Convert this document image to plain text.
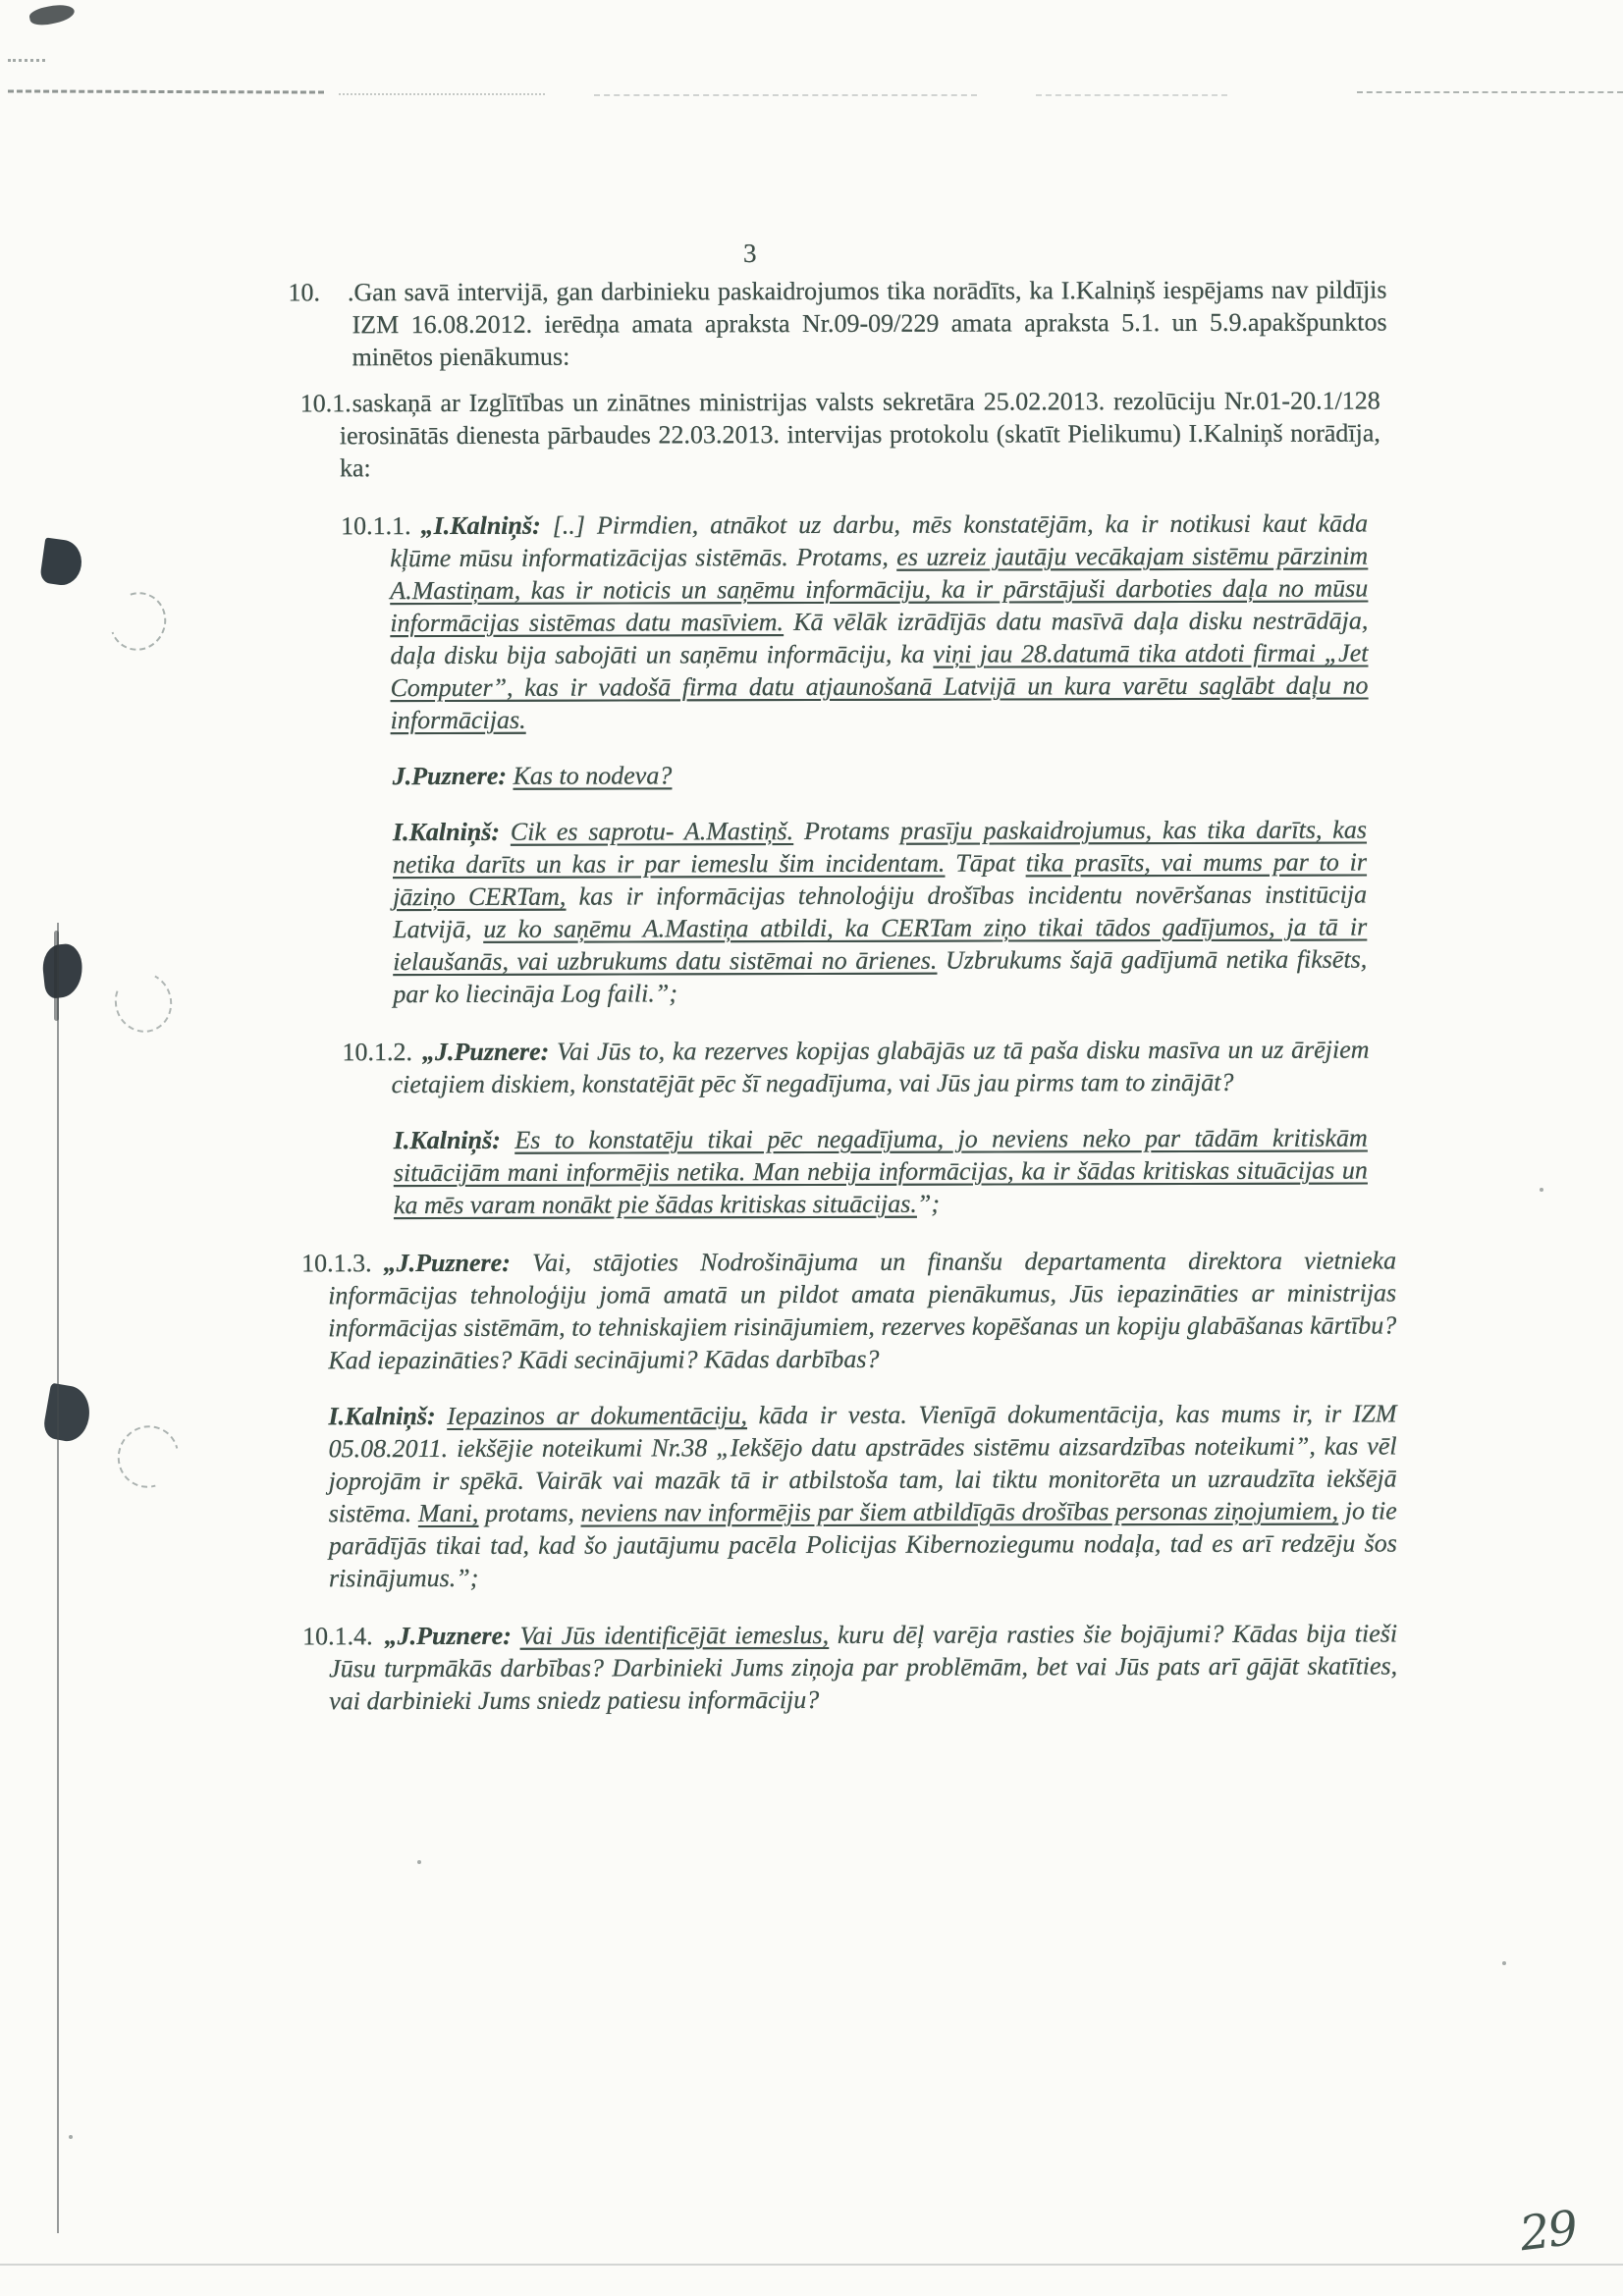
3
10. .Gan savā intervijā, gan darbinieku paskaidrojumos tika norādīts, ka I.Kalniņš iespējams nav pildījis IZM 16.08.2012. ierēdņa amata apraksta Nr.09-09/229 amata apraksta 5.1. un 5.9.apakšpunktos minētos pienākumus:
10.1.saskaņā ar Izglītības un zinātnes ministrijas valsts sekretāra 25.02.2013. rezolūciju Nr.01-20.1/128 ierosinātās dienesta pārbaudes 22.03.2013. intervijas protokolu (skatīt Pielikumu) I.Kalniņš norādīja, ka:
10.1.1. „I.Kalniņš: [..] Pirmdien, atnākot uz darbu, mēs konstatējām, ka ir notikusi kaut kāda kļūme mūsu informatizācijas sistēmās. Protams, es uzreiz jautāju vecākajam sistēmu pārzinim A.Mastiņam, kas ir noticis un saņēmu informāciju, ka ir pārstājuši darboties daļa no mūsu informācijas sistēmas datu masīviem. Kā vēlāk izrādījās datu masīvā daļa disku nestrādāja, daļa disku bija sabojāti un saņēmu informāciju, ka viņi jau 28.datumā tika atdoti firmai „Jet Computer”, kas ir vadošā firma datu atjaunošanā Latvijā un kura varētu saglābt daļu no informācijas.
J.Puznere: Kas to nodeva?
I.Kalniņš: Cik es saprotu- A.Mastiņš. Protams prasīju paskaidrojumus, kas tika darīts, kas netika darīts un kas ir par iemeslu šim incidentam. Tāpat tika prasīts, vai mums par to ir jāziņo CERTam, kas ir informācijas tehnoloģiju drošības incidentu novēršanas institūcija Latvijā, uz ko saņēmu A.Mastiņa atbildi, ka CERTam ziņo tikai tādos gadījumos, ja tā ir ielaušanās, vai uzbrukums datu sistēmai no ārienes. Uzbrukums šajā gadījumā netika fiksēts, par ko liecināja Log faili.”;
10.1.2. „J.Puznere: Vai Jūs to, ka rezerves kopijas glabājās uz tā paša disku masīva un uz ārējiem cietajiem diskiem, konstatējāt pēc šī negadījuma, vai Jūs jau pirms tam to zinājāt?
I.Kalniņš: Es to konstatēju tikai pēc negadījuma, jo neviens neko par tādām kritiskām situācijām mani informējis netika. Man nebija informācijas, ka ir šādas kritiskas situācijas un ka mēs varam nonākt pie šādas kritiskas situācijas.”;
10.1.3. „J.Puznere: Vai, stājoties Nodrošinājuma un finanšu departamenta direktora vietnieka informācijas tehnoloģiju jomā amatā un pildot amata pienākumus, Jūs iepazināties ar ministrijas informācijas sistēmām, to tehniskajiem risinājumiem, rezerves kopēšanas un kopiju glabāšanas kārtību? Kad iepazināties? Kādi secinājumi? Kādas darbības?
I.Kalniņš: Iepazinos ar dokumentāciju, kāda ir vesta. Vienīgā dokumentācija, kas mums ir, ir IZM 05.08.2011. iekšējie noteikumi Nr.38 „Iekšējo datu apstrādes sistēmu aizsardzības noteikumi”, kas vēl joprojām ir spēkā. Vairāk vai mazāk tā ir atbilstoša tam, lai tiktu monitorēta un uzraudzīta iekšējā sistēma. Mani, protams, neviens nav informējis par šiem atbildīgās drošības personas ziņojumiem, jo tie parādījās tikai tad, kad šo jautājumu pacēla Policijas Kibernoziegumu nodaļa, tad es arī redzēju šos risinājumus.”;
10.1.4. „J.Puznere: Vai Jūs identificējāt iemeslus, kuru dēļ varēja rasties šie bojājumi? Kādas bija tieši Jūsu turpmākās darbības? Darbinieki Jums ziņoja par problēmām, bet vai Jūs pats arī gājāt skatīties, vai darbinieki Jums sniedz patiesu informāciju?
29
